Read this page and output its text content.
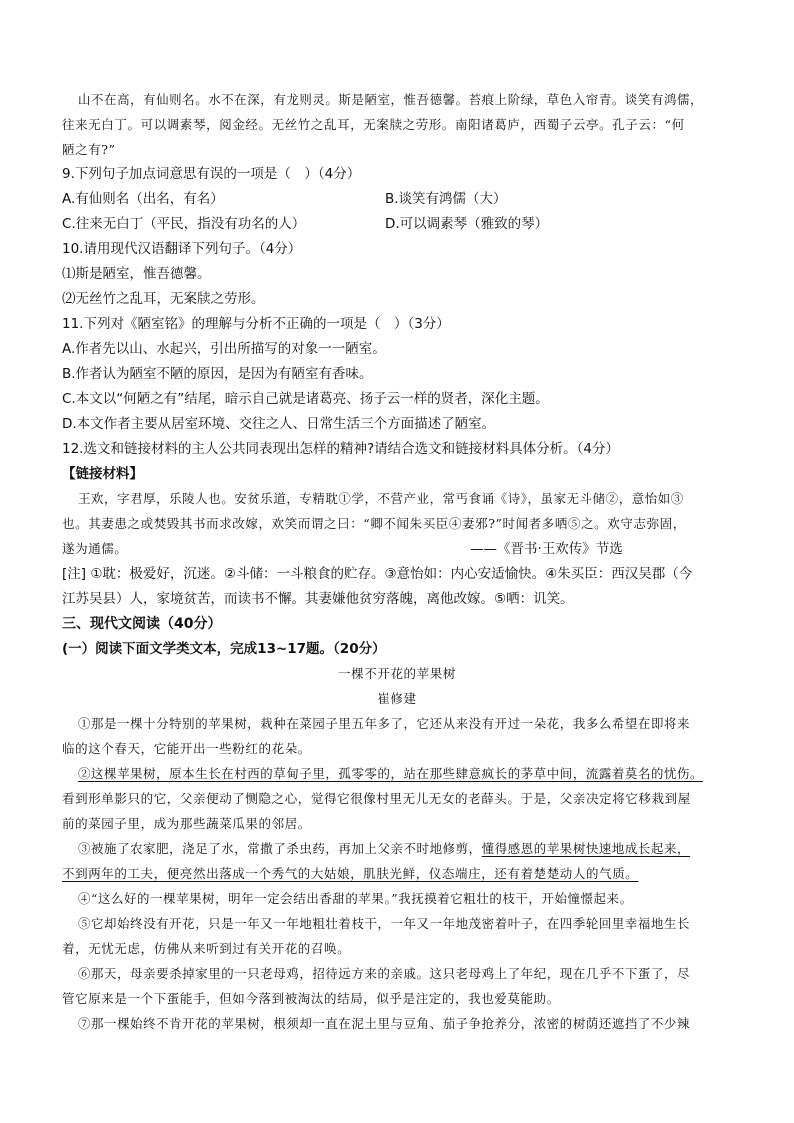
山不在高，有仙则名。水不在深，有龙则灵。斯是陋室，惟吾德馨。苔痕上阶绿，草色入帘青。谈笑有鸿儒，
往来无白丁。可以调素琴，阅金经。无丝竹之乱耳，无案牍之劳形。南阳诸葛庐，西蜀子云亭。孔子云：“何
陋之有?”
9.下列句子加点词意思有误的一项是（　）（4分）
A.有仙则名（出名，有名）	B.谈笑有鸿儒（大）
C.往来无白丁（平民，指没有功名的人）	D.可以调素琴（雅致的琴）
10.请用现代汉语翻译下列句子。（4分）
⑴斯是陋室，惟吾德馨。
⑵无丝竹之乱耳，无案牍之劳形。
11.下列对《陋室铭》的理解与分析不正确的一项是（　）（3分）
A.作者先以山、水起兴，引出所描写的对象一一陋室。
B.作者认为陋室不陋的原因，是因为有陋室有香味。
C.本文以“何陋之有”结尾，暗示自己就是诸葛亮、扬子云一样的贤者，深化主题。
D.本文作者主要从居室环境、交往之人、日常生活三个方面描述了陋室。
12.选文和链接材料的主人公共同表现出怎样的精神?请结合选文和链接材料具体分析。（4分）
【链接材料】
王欢，字君厚，乐陵人也。安贫乐道，专精耽①学，不营产业，常丐食诵《诗》，虽家无斗储②，意怡如③
也。其妻患之或焚毁其书而求改嫁，欢笑而谓之曰：“卿不闻朱买臣④妻邪?”时闻者多哂⑤之。欢守志弥固，
遂为通儒。	——《晋书·王欢传》节选
[注] ①耽：极爱好，沉迷。②斗储：一斗粮食的贮存。③意怡如：内心安适愉快。④朱买臣：西汉吴郡（今
江苏吴县）人，家境贫苦，而读书不懈。其妻嫌他贫穷落魄，离他改嫁。⑤哂：讥笑。
三、现代文阅读（40分）
(一）阅读下面文学类文本，完成13~17题。（20分）
一棵不开花的苹果树
崔修建
①那是一棵十分特别的苹果树，栽种在菜园子里五年多了，它还从来没有开过一朵花，我多么希望在即将来
临的这个春天，它能开出一些粉红的花朵。
②这棵苹果树，原本生长在村西的草甸子里，孤零零的，站在那些肆意疯长的茅草中间，流露着莫名的忧伤。
看到形单影只的它，父亲便动了恻隐之心，觉得它很像村里无儿无女的老薛头。于是，父亲决定将它移栽到屋
前的菜园子里，成为那些蔬菜瓜果的邻居。
③被施了农家肥，浇足了水，常撒了杀虫药，再加上父亲不时地修剪，懂得感恩的苹果树快速地成长起来，
不到两年的工夫，便亮然出落成一个秀气的大姑娘，肌肤光鲜，仪态端庄，还有着楚楚动人的气质。
④“这么好的一棵苹果树，明年一定会结出香甜的苹果。”我抚摸着它粗壮的枝干，开始憧憬起来。
⑤它却始终没有开花，只是一年又一年地粗壮着枝干，一年又一年地茂密着叶子，在四季轮回里幸福地生长
着，无忧无虑，仿佛从来听到过有关开花的召唤。
⑥那天，母亲要杀掉家里的一只老母鸡，招待远方来的亲戚。这只老母鸡上了年纪，现在几乎不下蛋了，尽
管它原来是一个下蛋能手，但如今落到被淘汰的结局，似乎是注定的，我也爱莫能助。
⑦那一棵始终不肯开花的苹果树，根须却一直在泥土里与豆角、茄子争抢养分，浓密的树荫还遮挡了不少辣
